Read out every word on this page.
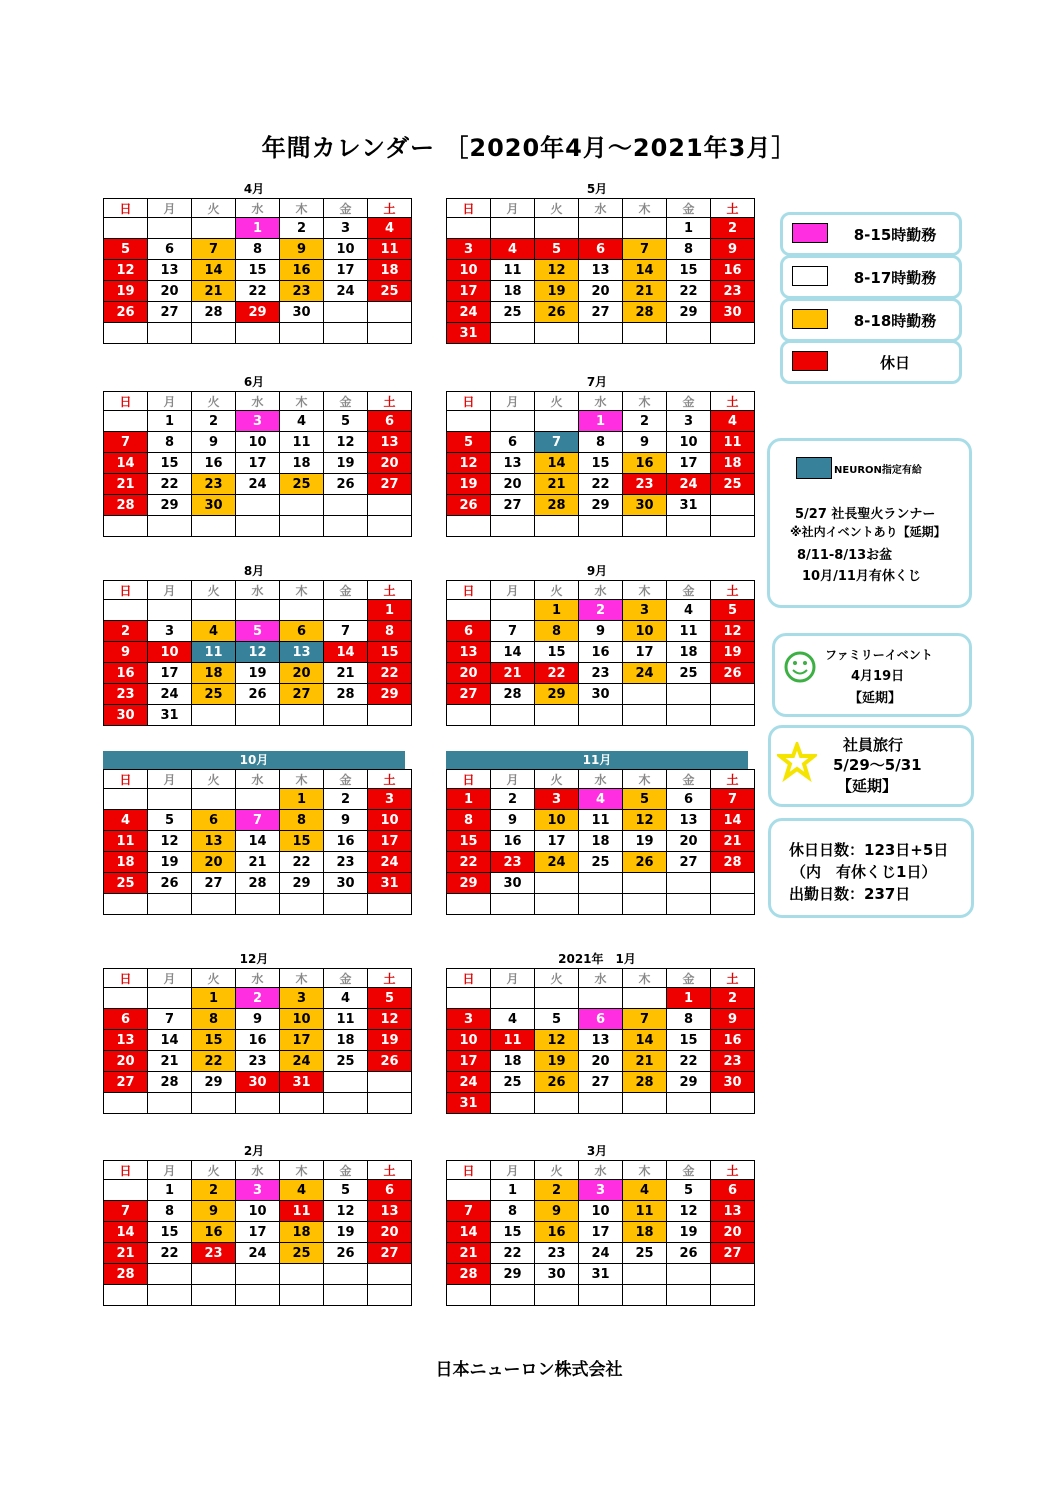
年間カレンダー ［2020年4月～2021年3月］
4月
日	月	火	水	木	金	土
			1	2	3	4
5	6	7	8	9	10	11
12	13	14	15	16	17	18
19	20	21	22	23	24	25
26	27	28	29	30		

5月
日	月	火	水	木	金	土
					1	2
3	4	5	6	7	8	9
10	11	12	13	14	15	16
17	18	19	20	21	22	23
24	25	26	27	28	29	30
31						
6月
日	月	火	水	木	金	土
	1	2	3	4	5	6
7	8	9	10	11	12	13
14	15	16	17	18	19	20
21	22	23	24	25	26	27
28	29	30				

7月
日	月	火	水	木	金	土
			1	2	3	4
5	6	7	8	9	10	11
12	13	14	15	16	17	18
19	20	21	22	23	24	25
26	27	28	29	30	31	

8月
日	月	火	水	木	金	土
						1
2	3	4	5	6	7	8
9	10	11	12	13	14	15
16	17	18	19	20	21	22
23	24	25	26	27	28	29
30	31					
9月
日	月	火	水	木	金	土
		1	2	3	4	5
6	7	8	9	10	11	12
13	14	15	16	17	18	19
20	21	22	23	24	25	26
27	28	29	30			

10月
日	月	火	水	木	金	土
				1	2	3
4	5	6	7	8	9	10
11	12	13	14	15	16	17
18	19	20	21	22	23	24
25	26	27	28	29	30	31

11月
日	月	火	水	木	金	土
1	2	3	4	5	6	7
8	9	10	11	12	13	14
15	16	17	18	19	20	21
22	23	24	25	26	27	28
29	30					

12月
日	月	火	水	木	金	土
		1	2	3	4	5
6	7	8	9	10	11	12
13	14	15	16	17	18	19
20	21	22	23	24	25	26
27	28	29	30	31		

2021年　1月
日	月	火	水	木	金	土
					1	2
3	4	5	6	7	8	9
10	11	12	13	14	15	16
17	18	19	20	21	22	23
24	25	26	27	28	29	30
31						
2月
日	月	火	水	木	金	土
	1	2	3	4	5	6
7	8	9	10	11	12	13
14	15	16	17	18	19	20
21	22	23	24	25	26	27
28						

3月
日	月	火	水	木	金	土
	1	2	3	4	5	6
7	8	9	10	11	12	13
14	15	16	17	18	19	20
21	22	23	24	25	26	27
28	29	30	31			

8-15時勤務
8-17時勤務
8-18時勤務
休日
NEURON指定有給
5/27 社長聖火ランナー
※社内イベントあり【延期】
8/11-8/13お盆
10月/11月有休くじ
ファミリーイベント
4月19日
【延期】
社員旅行
5/29～5/31
【延期】
休日日数：123日+5日
（内　有休くじ1日）
出勤日数：237日
日本ニューロン株式会社
